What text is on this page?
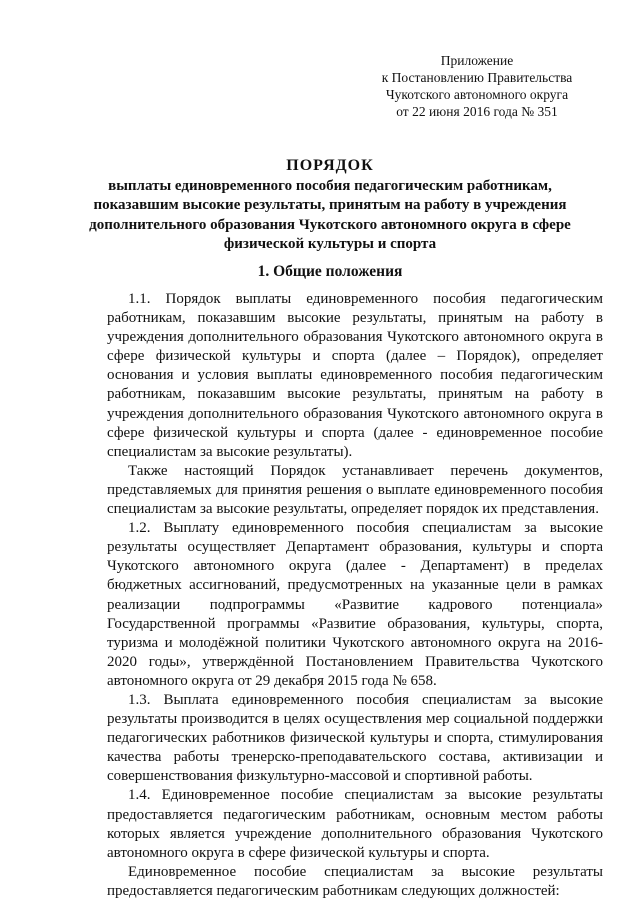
Приложение
к Постановлению Правительства
Чукотского автономного округа
от 22 июня 2016 года № 351
ПОРЯДОК
выплаты единовременного пособия педагогическим работникам,
показавшим высокие результаты, принятым на работу в учреждения
дополнительного образования Чукотского автономного округа в сфере
физической культуры и спорта
1. Общие положения

1.1. Порядок выплаты единовременного пособия педагогическим работникам, показавшим высокие результаты, принятым на работу в учреждения дополнительного образования Чукотского автономного округа в сфере физической культуры и спорта (далее – Порядок), определяет основания и условия выплаты единовременного пособия педагогическим работникам, показавшим высокие результаты, принятым на работу в учреждения дополнительного образования Чукотского автономного округа в сфере физической культуры и спорта (далее - единовременное пособие специалистам за высокие результаты).

Также настоящий Порядок устанавливает перечень документов, представляемых для принятия решения о выплате единовременного пособия специалистам за высокие результаты, определяет порядок их представления.

1.2. Выплату единовременного пособия специалистам за высокие результаты осуществляет Департамент образования, культуры и спорта Чукотского автономного округа (далее - Департамент) в пределах бюджетных ассигнований, предусмотренных на указанные цели в рамках реализации подпрограммы «Развитие кадрового потенциала» Государственной программы «Развитие образования, культуры, спорта, туризма и молодёжной политики Чукотского автономного округа на 2016-2020 годы», утверждённой Постановлением Правительства Чукотского автономного округа от 29 декабря 2015 года № 658.

1.3. Выплата единовременного пособия специалистам за высокие результаты производится в целях осуществления мер социальной поддержки педагогических работников физической культуры и спорта, стимулирования качества работы тренерско-преподавательского состава, активизации и совершенствования физкультурно-массовой и спортивной работы.

1.4. Единовременное пособие специалистам за высокие результаты предоставляется педагогическим работникам, основным местом работы которых является учреждение дополнительного образования Чукотского автономного округа в сфере физической культуры и спорта.

Единовременное пособие специалистам за высокие результаты предоставляется педагогическим работникам следующих должностей:
